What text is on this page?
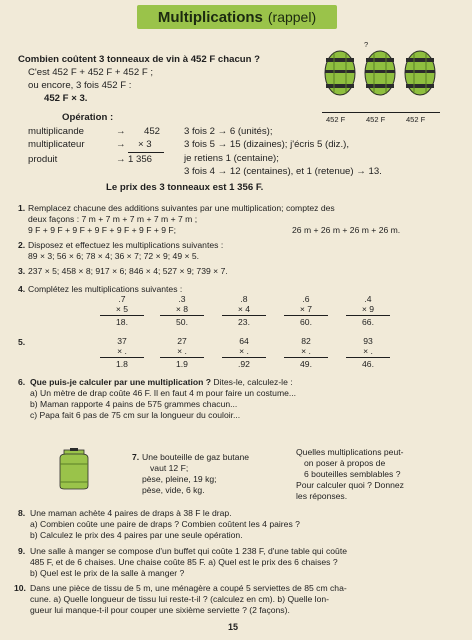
Multiplications (rappel)
Combien coûtent 3 tonneaux de vin à 452 F chacun ?
C'est 452 F + 452 F + 452 F ;
ou encore, 3 fois 452 F :
452 F × 3.
?
452 F	452 F	452 F
Opération :
multiplicande	→ 452
multiplicateur	→ × 3
produit	→ 1 356
3 fois 2 → 6 (unités);
3 fois 5 → 15 (dizaines); j'écris 5 (diz.),
je retiens 1 (centaine);
3 fois 4 → 12 (centaines), et 1 (retenue) → 13.
Le prix des 3 tonneaux est 1 356 F.
1. Remplacez chacune des additions suivantes par une multiplication; comptez des
deux façons : 7 m + 7 m + 7 m + 7 m + 7 m ;
9 F + 9 F + 9 F + 9 F + 9 F + 9 F + 9 F;	26 m + 26 m + 26 m + 26 m.
2. Disposez et effectuez les multiplications suivantes :
89 × 3; 56 × 6; 78 × 4; 36 × 7; 72 × 9; 49 × 5.
3. 237 × 5; 458 × 8; 917 × 6; 846 × 4; 527 × 9; 739 × 7.
4. Complétez les multiplications suivantes :
.7
× 5
18.
.3
× 8
50.
.8
× 4
23.
.6
× 7
60.
.4
× 9
66.
5.	37
× .
1.8
27
× .
1.9
64
× .
.92
82
× .
49.
93
× .
46.
6. Que puis-je calculer par une multiplication ? Dites-le, calculez-le :
a) Un mètre de drap coûte 46 F. Il en faut 4 m pour faire un costume...
b) Maman rapporte 4 pains de 575 grammes chacun...
c) Papa fait 6 pas de 75 cm sur la longueur du couloir...
7. Une bouteille de gaz butane
vaut 12 F;
pèse, pleine, 19 kg;
pèse, vide, 6 kg.
Quelles multiplications peut-
on poser à propos de
6 bouteilles semblables ?
Pour calculer quoi ? Donnez
les réponses.
8. Une maman achète 4 paires de draps à 38 F le drap.
a) Combien coûte une paire de draps ? Combien coûtent les 4 paires ?
b) Calculez le prix des 4 paires par une seule opération.
9. Une salle à manger se compose d'un buffet qui coûte 1 238 F, d'une table qui coûte
485 F, et de 6 chaises. Une chaise coûte 85 F. a) Quel est le prix des 6 chaises ?
b) Quel est le prix de la salle à manger ?
10. Dans une pièce de tissu de 5 m, une ménagère a coupé 5 serviettes de 85 cm cha-
cune. a) Quelle longueur de tissu lui reste-t-il ? (calculez en cm). b) Quelle lon-
gueur lui manque-t-il pour couper une sixième serviette ? (2 façons).
15
